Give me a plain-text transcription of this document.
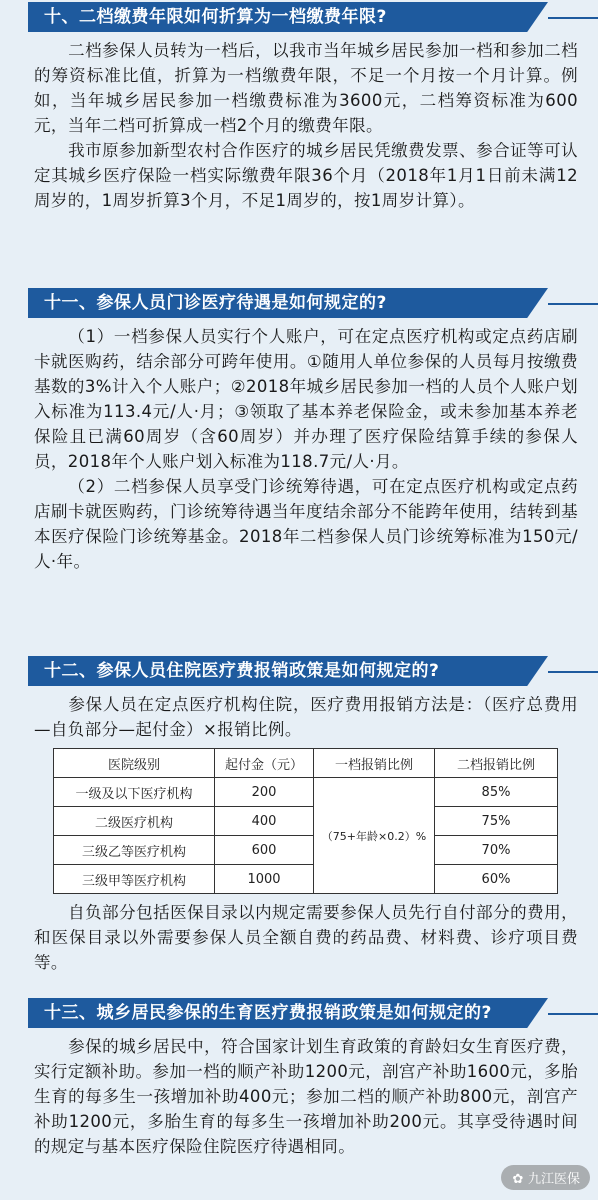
十、二档缴费年限如何折算为一档缴费年限?

二档参保人员转为一档后，以我市当年城乡居民参加一档和参加二档的筹资标准比值，折算为一档缴费年限，不足一个月按一个月计算。例如，当年城乡居民参加一档缴费标准为3600元，二档筹资标准为600元，当年二档可折算成一档2个月的缴费年限。

我市原参加新型农村合作医疗的城乡居民凭缴费发票、参合证等可认定其城乡医疗保险一档实际缴费年限36个月（2018年1月1日前未满12周岁的，1周岁折算3个月，不足1周岁的，按1周岁计算）。

十一、参保人员门诊医疗待遇是如何规定的?

（1）一档参保人员实行个人账户，可在定点医疗机构或定点药店刷卡就医购药，结余部分可跨年使用。①随用人单位参保的人员每月按缴费基数的3%计入个人账户；②2018年城乡居民参加一档的人员个人账户划入标准为113.4元/人·月；③领取了基本养老保险金，或未参加基本养老保险且已满60周岁（含60周岁）并办理了医疗保险结算手续的参保人员，2018年个人账户划入标准为118.7元/人·月。

（2）二档参保人员享受门诊统筹待遇，可在定点医疗机构或定点药店刷卡就医购药，门诊统筹待遇当年度结余部分不能跨年使用，结转到基本医疗保险门诊统筹基金。2018年二档参保人员门诊统筹标准为150元/人·年。

十二、参保人员住院医疗费报销政策是如何规定的?

参保人员在定点医疗机构住院，医疗费用报销方法是：（医疗总费用—自负部分—起付金）×报销比例。

医院级别	起付金（元）	一档报销比例	二档报销比例
一级及以下医疗机构	200	（75+年龄×0.2）%	85%
二级医疗机构	400		75%
三级乙等医疗机构	600		70%
三级甲等医疗机构	1000		60%

自负部分包括医保目录以内规定需要参保人员先行自付部分的费用，和医保目录以外需要参保人员全额自费的药品费、材料费、诊疗项目费等。

十三、城乡居民参保的生育医疗费报销政策是如何规定的?

参保的城乡居民中，符合国家计划生育政策的育龄妇女生育医疗费，实行定额补助。参加一档的顺产补助1200元，剖宫产补助1600元，多胎生育的每多生一孩增加补助400元；参加二档的顺产补助800元，剖宫产补助1200元，多胎生育的每多生一孩增加补助200元。其享受待遇时间的规定与基本医疗保险住院医疗待遇相同。

✿ 九江医保
